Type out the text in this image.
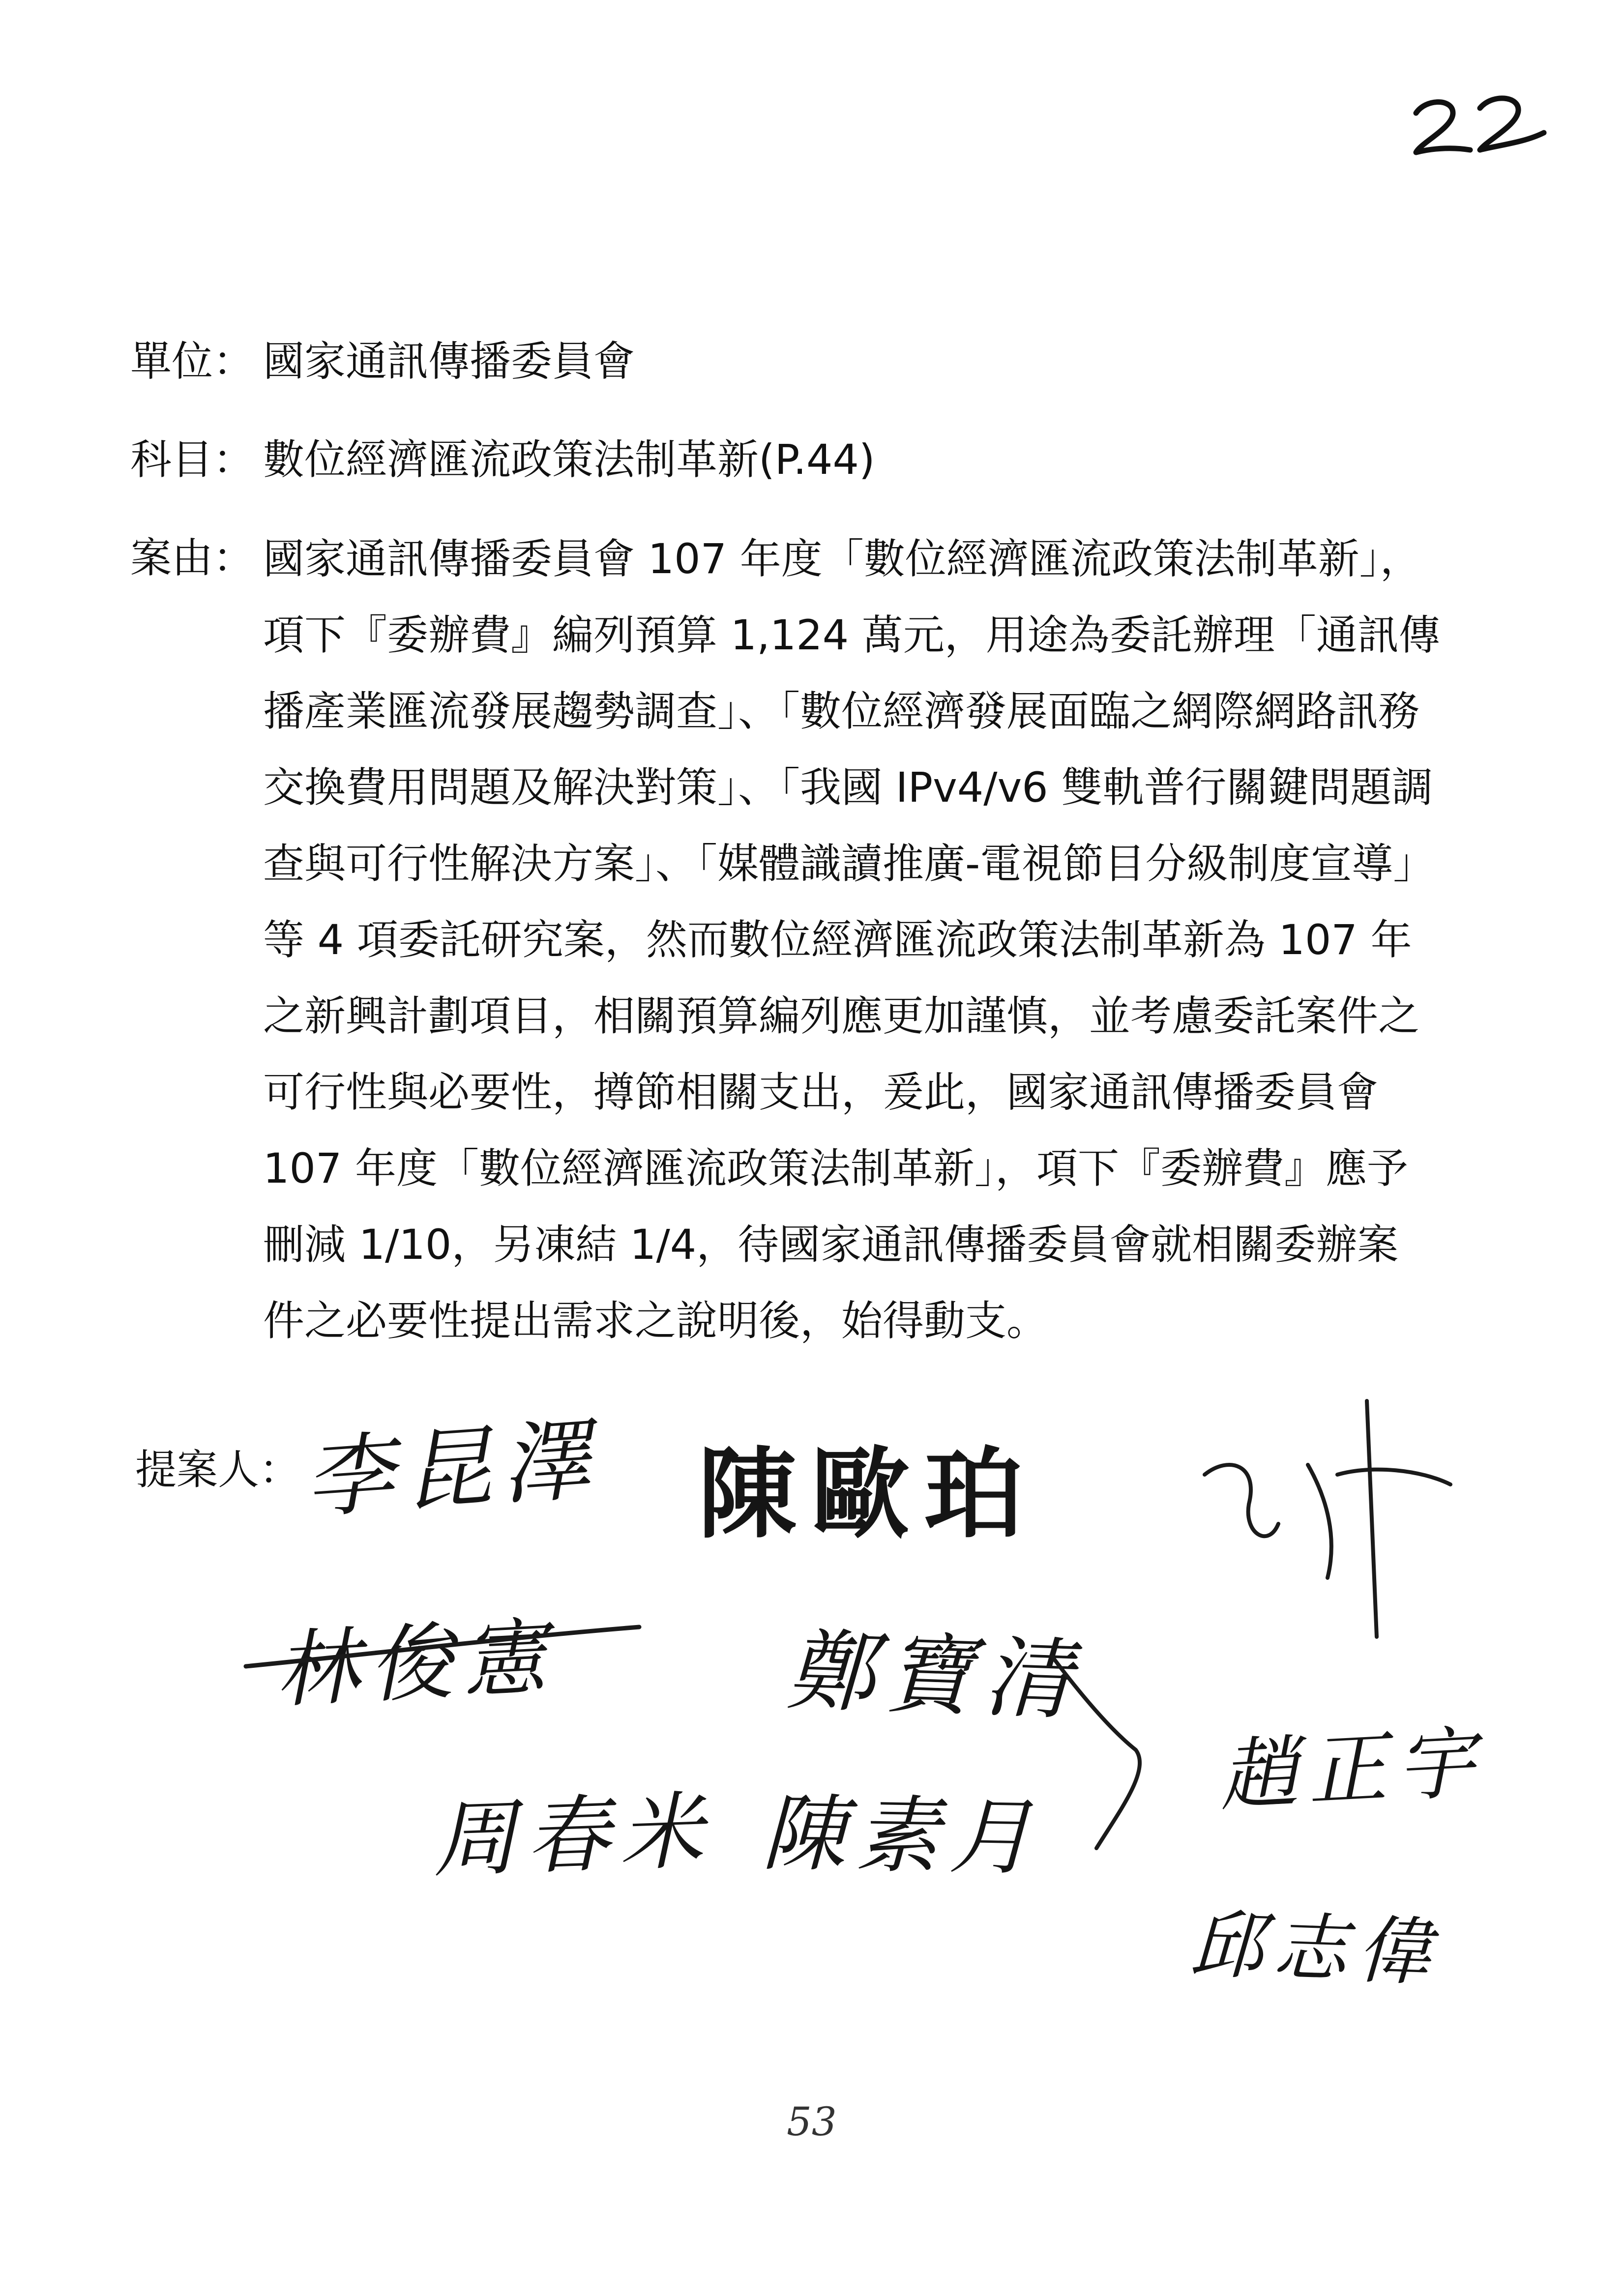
單位： 國家通訊傳播委員會
科目： 數位經濟匯流政策法制革新(P.44)
案由： 國家通訊傳播委員會 107 年度「數位經濟匯流政策法制革新」，
項下『委辦費』編列預算 1,124 萬元，用途為委託辦理「通訊傳
播產業匯流發展趨勢調查」、「數位經濟發展面臨之網際網路訊務
交換費用問題及解決對策」、「我國 IPv4/v6 雙軌普行關鍵問題調
查與可行性解決方案」、「媒體識讀推廣-電視節目分級制度宣導」
等 4 項委託研究案，然而數位經濟匯流政策法制革新為 107 年
之新興計劃項目，相關預算編列應更加謹慎，並考慮委託案件之
可行性與必要性，撙節相關支出，爰此，國家通訊傳播委員會
107 年度「數位經濟匯流政策法制革新」，項下『委辦費』應予
刪減 1/10，另凍結 1/4，待國家通訊傳播委員會就相關委辦案
件之必要性提出需求之說明後，始得動支。
提案人： 李昆澤 陳歐珀
林俊憲	鄭寶清
周春米 陳素月
趙正宇
邱志偉
53
